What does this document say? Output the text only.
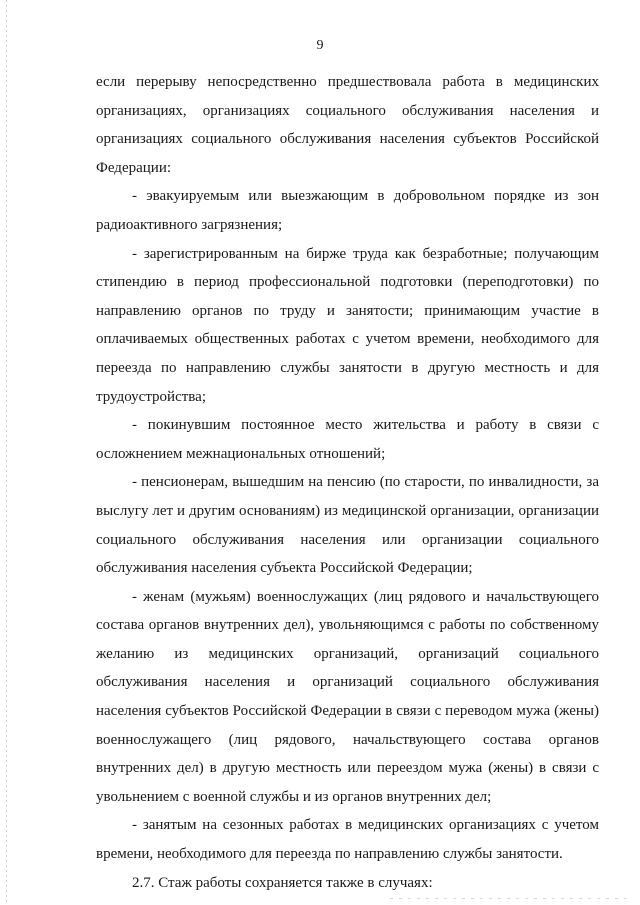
9

если перерыву непосредственно предшествовала работа в медицинских организациях, организациях социального обслуживания населения и организациях социального обслуживания населения субъектов Российской Федерации:

- эвакуируемым или выезжающим в добровольном порядке из зон радиоактивного загрязнения;

- зарегистрированным на бирже труда как безработные; получающим стипендию в период профессиональной подготовки (переподготовки) по направлению органов по труду и занятости; принимающим участие в оплачиваемых общественных работах с учетом времени, необходимого для переезда по направлению службы занятости в другую местность и для трудоустройства;

- покинувшим постоянное место жительства и работу в связи с осложнением межнациональных отношений;

- пенсионерам, вышедшим на пенсию (по старости, по инвалидности, за выслугу лет и другим основаниям) из медицинской организации, организации социального обслуживания населения или организации социального обслуживания населения субъекта Российской Федерации;

- женам (мужьям) военнослужащих (лиц рядового и начальствующего состава органов внутренних дел), увольняющимся с работы по собственному желанию из медицинских организаций, организаций социального обслуживания населения и организаций социального обслуживания населения субъектов Российской Федерации в связи с переводом мужа (жены) военнослужащего (лиц рядового, начальствующего состава органов внутренних дел) в другую местность или переездом мужа (жены) в связи с увольнением с военной службы и из органов внутренних дел;

- занятым на сезонных работах в медицинских организациях с учетом времени, необходимого для переезда по направлению службы занятости.

2.7. Стаж работы сохраняется также в случаях:
